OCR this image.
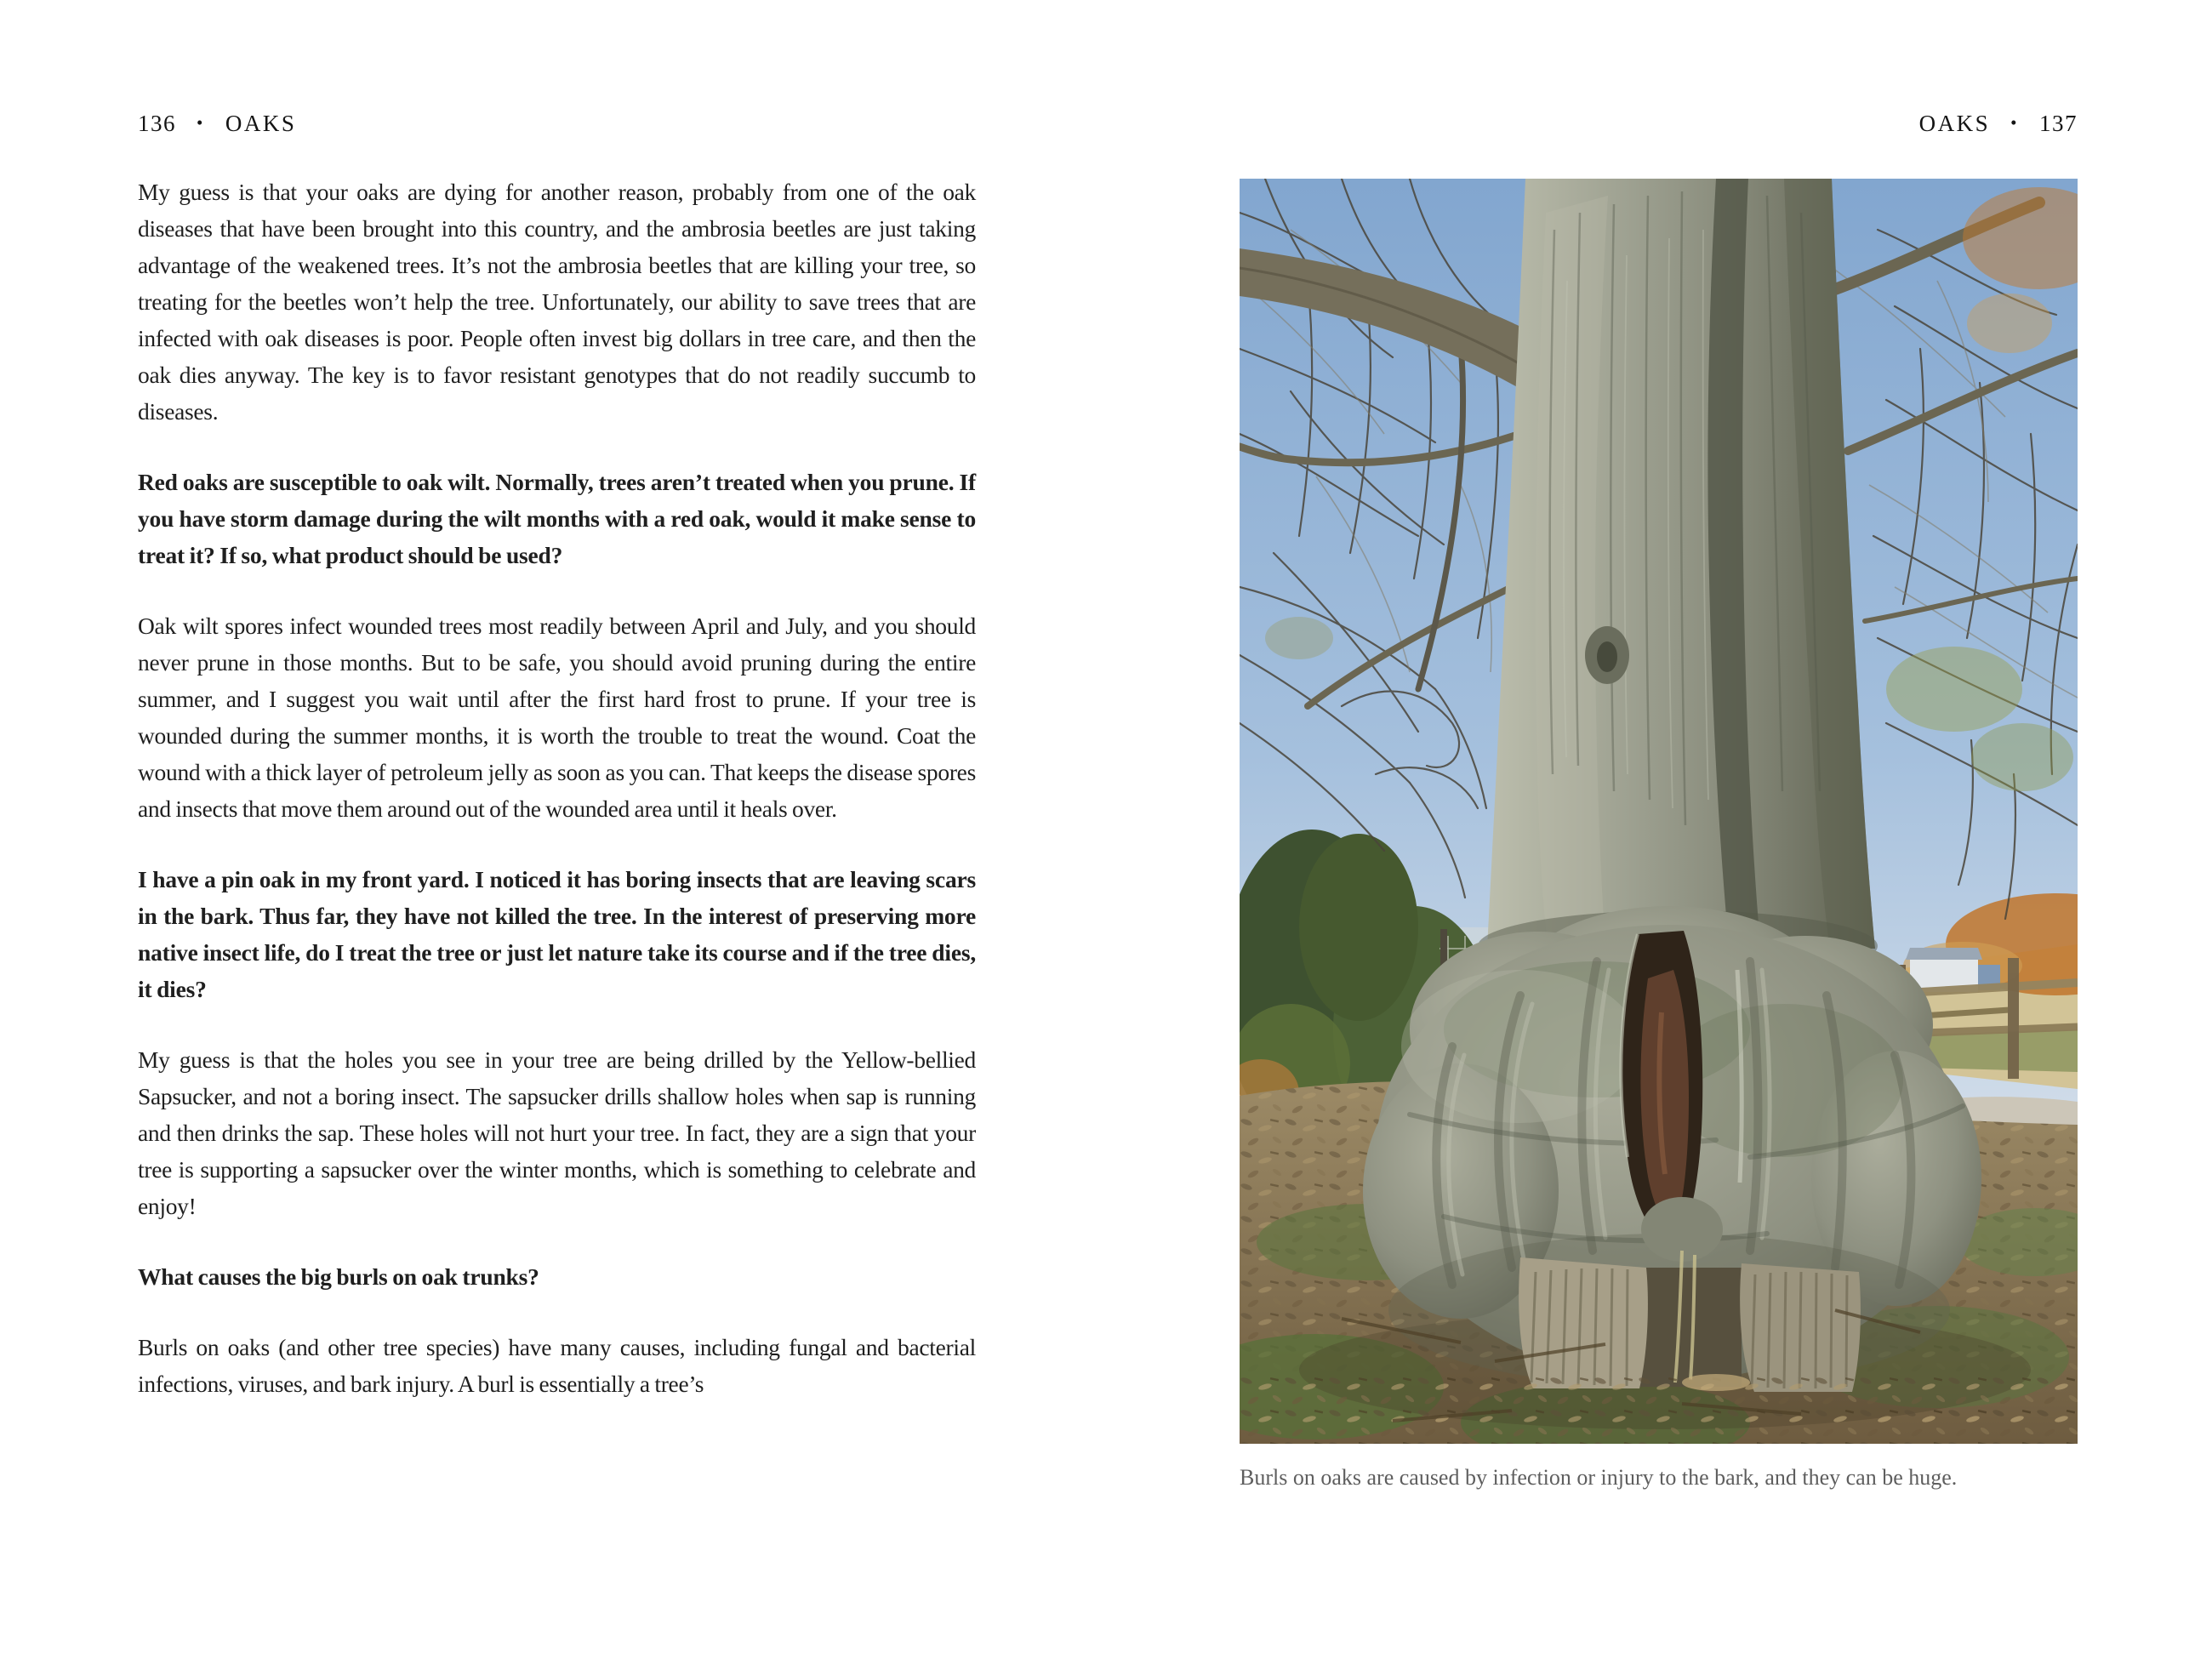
136 • OAKS

My guess is that your oaks are dying for another reason, probably from one of the oak diseases that have been brought into this country, and the ambrosia beetles are just taking advantage of the weakened trees. It’s not the ambrosia beetles that are killing your tree, so treating for the beetles won’t help the tree. Unfortunately, our ability to save trees that are infected with oak diseases is poor. People often invest big dollars in tree care, and then the oak dies anyway. The key is to favor resistant genotypes that do not readily succumb to diseases.

Red oaks are susceptible to oak wilt. Normally, trees aren’t treated when you prune. If you have storm damage during the wilt months with a red oak, would it make sense to treat it? If so, what product should be used?

Oak wilt spores infect wounded trees most readily between April and July, and you should never prune in those months. But to be safe, you should avoid pruning during the entire summer, and I suggest you wait until after the first hard frost to prune. If your tree is wounded during the summer months, it is worth the trouble to treat the wound. Coat the wound with a thick layer of petroleum jelly as soon as you can. That keeps the disease spores and insects that move them around out of the wounded area until it heals over.

I have a pin oak in my front yard. I noticed it has boring insects that are leaving scars in the bark. Thus far, they have not killed the tree. In the interest of preserving more native insect life, do I treat the tree or just let nature take its course and if the tree dies, it dies?

My guess is that the holes you see in your tree are being drilled by the Yellow-bellied Sapsucker, and not a boring insect. The sapsucker drills shallow holes when sap is running and then drinks the sap. These holes will not hurt your tree. In fact, they are a sign that your tree is supporting a sapsucker over the winter months, which is something to celebrate and enjoy!

What causes the big burls on oak trunks?

Burls on oaks (and other tree species) have many causes, including fungal and bacterial infections, viruses, and bark injury. A burl is essentially a tree’s

OAKS • 137
Burls on oaks are caused by infection or injury to the bark, and they can be huge.
